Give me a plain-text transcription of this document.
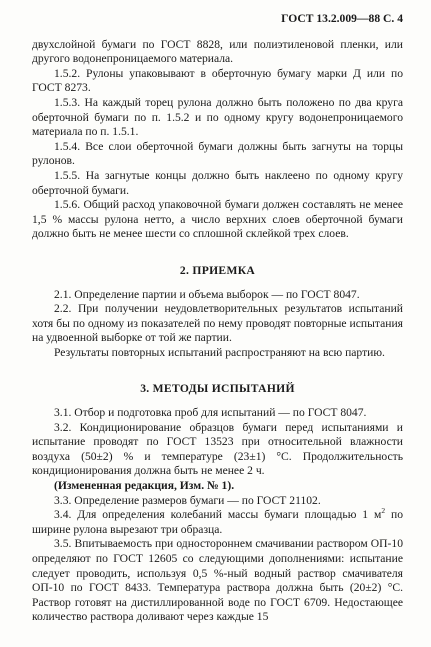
ГОСТ 13.2.009—88 С. 4

двухслойной бумаги по ГОСТ 8828, или полиэтиленовой пленки, или другого водонепроницаемого материала.

1.5.2. Рулоны упаковывают в оберточную бумагу марки Д или по ГОСТ 8273.

1.5.3. На каждый торец рулона должно быть положено по два круга оберточной бумаги по п. 1.5.2 и по одному кругу водонепроницаемого материала по п. 1.5.1.

1.5.4. Все слои оберточной бумаги должны быть загнуты на торцы рулонов.

1.5.5. На загнутые концы должно быть наклеено по одному кругу оберточной бумаги.

1.5.6. Общий расход упаковочной бумаги должен составлять не менее 1,5 % массы рулона нетто, а число верхних слоев оберточной бумаги должно быть не менее шести со сплошной склейкой трех слоев.

2. ПРИЕМКА

2.1. Определение партии и объема выборок — по ГОСТ 8047.

2.2. При получении неудовлетворительных результатов испытаний хотя бы по одному из показателей по нему проводят повторные испытания на удвоенной выборке от той же партии.

Результаты повторных испытаний распространяют на всю партию.

3. МЕТОДЫ ИСПЫТАНИЙ

3.1. Отбор и подготовка проб для испытаний — по ГОСТ 8047.

3.2. Кондиционирование образцов бумаги перед испытаниями и испытание проводят по ГОСТ 13523 при относительной влажности воздуха (50±2) % и температуре (23±1) °С. Продолжительность кондиционирования должна быть не менее 2 ч.

(Измененная редакция, Изм. № 1).

3.3. Определение размеров бумаги — по ГОСТ 21102.

3.4. Для определения колебаний массы бумаги площадью 1 $м^2$ по ширине рулона вырезают три образца.

3.5. Впитываемость при одностороннем смачивании раствором ОП-10 определяют по ГОСТ 12605 со следующими дополнениями: испытание следует проводить, используя 0,5 %-ный водный раствор смачивателя ОП-10 по ГОСТ 8433. Температура раствора должна быть (20±2) °С. Раствор готовят на дистиллированной воде по ГОСТ 6709. Недостающее количество раствора доливают через каждые 15
